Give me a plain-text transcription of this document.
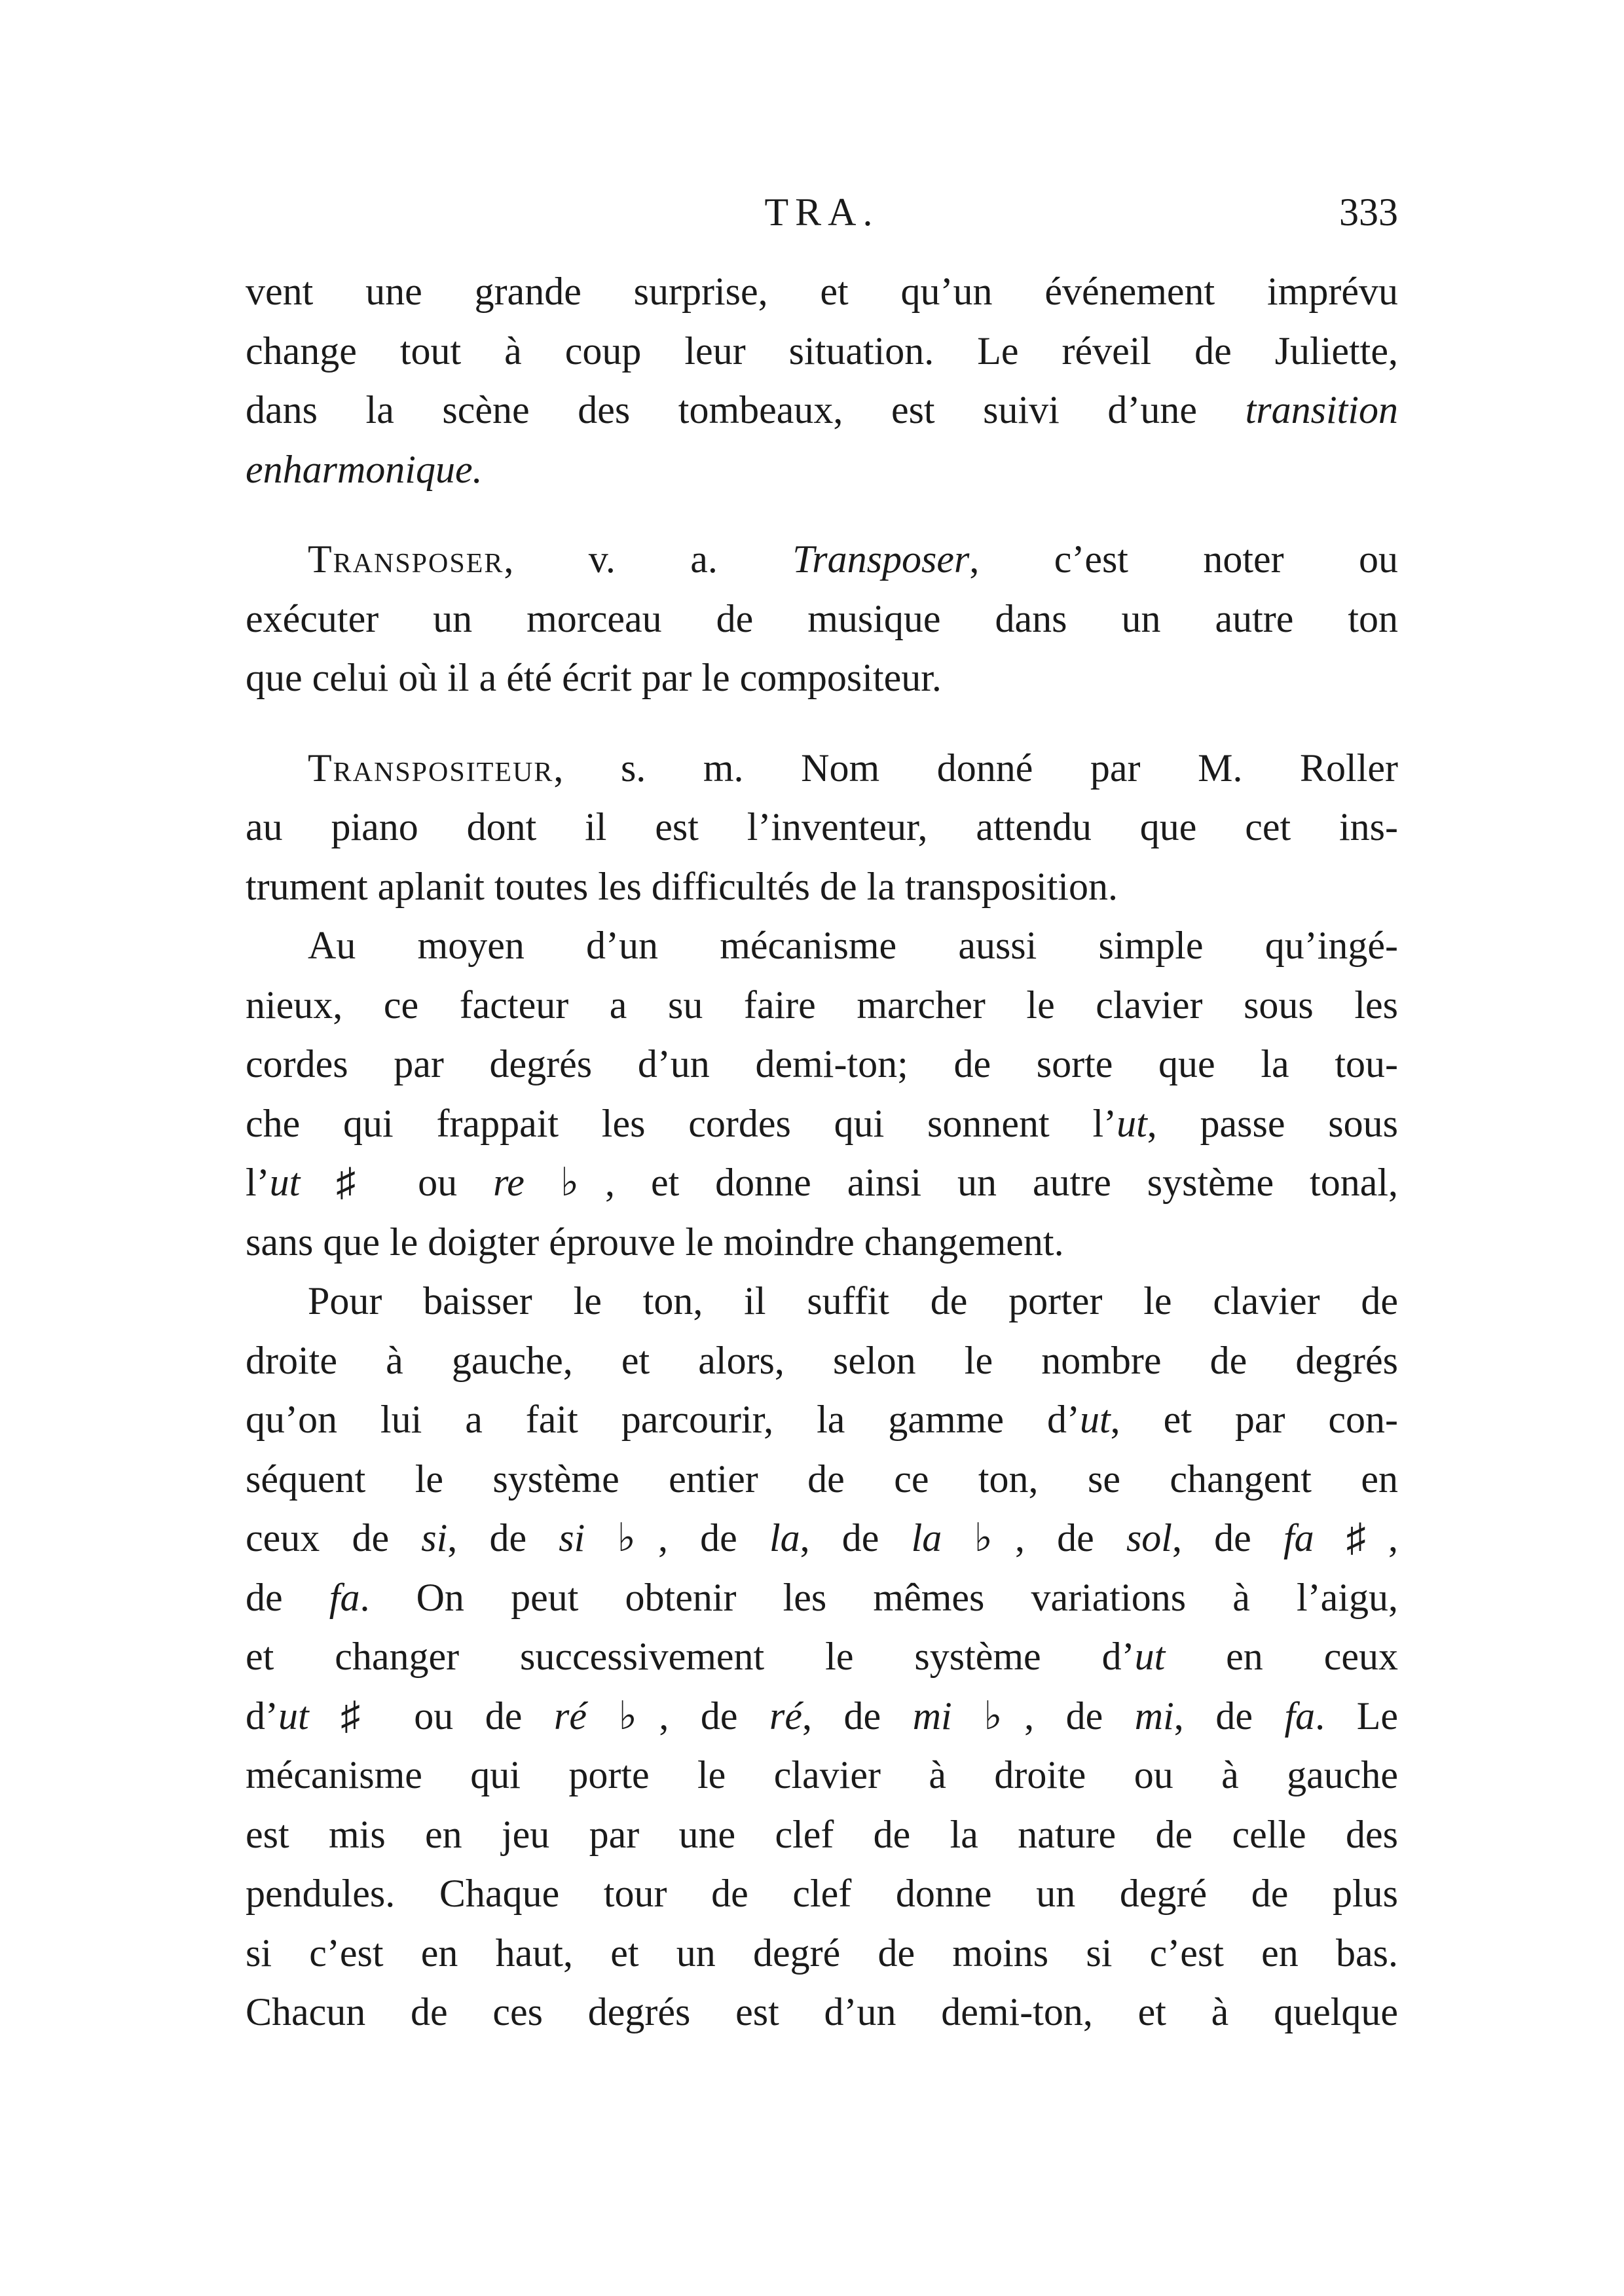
TRA.	333
vent une grande surprise, et qu’un événement imprévu
change tout à coup leur situation. Le réveil de Juliette,
dans la scène des tombeaux, est suivi d’une transition
enharmonique.
Transposer, v. a. Transposer, c’est noter ou
exécuter un morceau de musique dans un autre ton
que celui où il a été écrit par le compositeur.
Transpositeur, s. m. Nom donné par M. Roller
au piano dont il est l’inventeur, attendu que cet ins-
trument aplanit toutes les difficultés de la transposition.
Au moyen d’un mécanisme aussi simple qu’ingé-
nieux, ce facteur a su faire marcher le clavier sous les
cordes par degrés d’un demi-ton; de sorte que la tou-
che qui frappait les cordes qui sonnent l’ut, passe sous
l’ut ♯ ou re ♭, et donne ainsi un autre système tonal,
sans que le doigter éprouve le moindre changement.
Pour baisser le ton, il suffit de porter le clavier de
droite à gauche, et alors, selon le nombre de degrés
qu’on lui a fait parcourir, la gamme d’ut, et par con-
séquent le système entier de ce ton, se changent en
ceux de si, de si ♭, de la, de la ♭, de sol, de fa ♯,
de fa. On peut obtenir les mêmes variations à l’aigu,
et changer successivement le système d’ut en ceux
d’ut ♯ ou de ré ♭, de ré, de mi ♭, de mi, de fa. Le
mécanisme qui porte le clavier à droite ou à gauche
est mis en jeu par une clef de la nature de celle des
pendules. Chaque tour de clef donne un degré de plus
si c’est en haut, et un degré de moins si c’est en bas.
Chacun de ces degrés est d’un demi-ton, et à quelque
